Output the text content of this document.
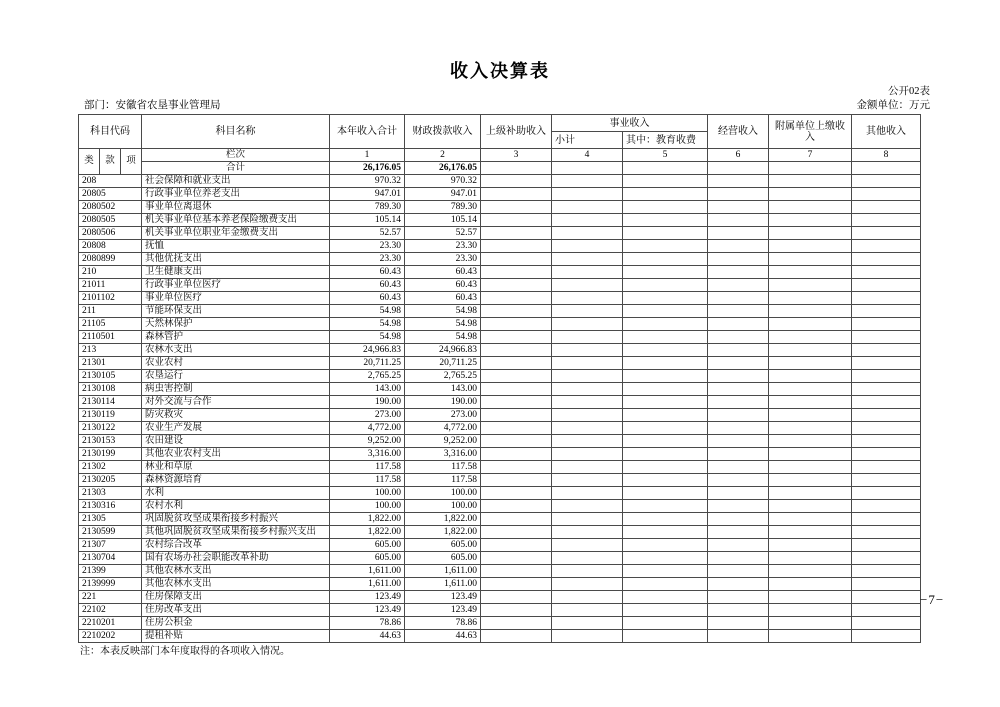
收入决算表
公开02表
部门：安徽省农垦事业管理局	金额单位：万元
科目代码			科目名称	本年收入合计	财政拨款收入	上级补助收入	事业收入		经营收入	附属单位上缴收入	其他收入
							小计	其中：教育收费			
类	款	项	栏次	1	2	3	4	5	6	7	8
			合计	26,176.05	26,176.05						
208			社会保障和就业支出	970.32	970.32						
20805			行政事业单位养老支出	947.01	947.01						
2080502			事业单位离退休	789.30	789.30						
2080505			机关事业单位基本养老保险缴费支出	105.14	105.14						
2080506			机关事业单位职业年金缴费支出	52.57	52.57						
20808			抚恤	23.30	23.30						
2080899			其他优抚支出	23.30	23.30						
210			卫生健康支出	60.43	60.43						
21011			行政事业单位医疗	60.43	60.43						
2101102			事业单位医疗	60.43	60.43						
211			节能环保支出	54.98	54.98						
21105			天然林保护	54.98	54.98						
2110501			森林管护	54.98	54.98						
213			农林水支出	24,966.83	24,966.83						
21301			农业农村	20,711.25	20,711.25						
2130105			农垦运行	2,765.25	2,765.25						
2130108			病虫害控制	143.00	143.00						
2130114			对外交流与合作	190.00	190.00						
2130119			防灾救灾	273.00	273.00						
2130122			农业生产发展	4,772.00	4,772.00						
2130153			农田建设	9,252.00	9,252.00						
2130199			其他农业农村支出	3,316.00	3,316.00						
21302			林业和草原	117.58	117.58						
2130205			森林资源培育	117.58	117.58						
21303			水利	100.00	100.00						
2130316			农村水利	100.00	100.00						
21305			巩固脱贫攻坚成果衔接乡村振兴	1,822.00	1,822.00						
2130599			其他巩固脱贫攻坚成果衔接乡村振兴支出	1,822.00	1,822.00						
21307			农村综合改革	605.00	605.00						
2130704			国有农场办社会职能改革补助	605.00	605.00						
21399			其他农林水支出	1,611.00	1,611.00						
2139999			其他农林水支出	1,611.00	1,611.00						
221			住房保障支出	123.49	123.49						
22102			住房改革支出	123.49	123.49						
2210201			住房公积金	78.86	78.86						
2210202			提租补贴	44.63	44.63						
注：本表反映部门本年度取得的各项收入情况。
−7−
